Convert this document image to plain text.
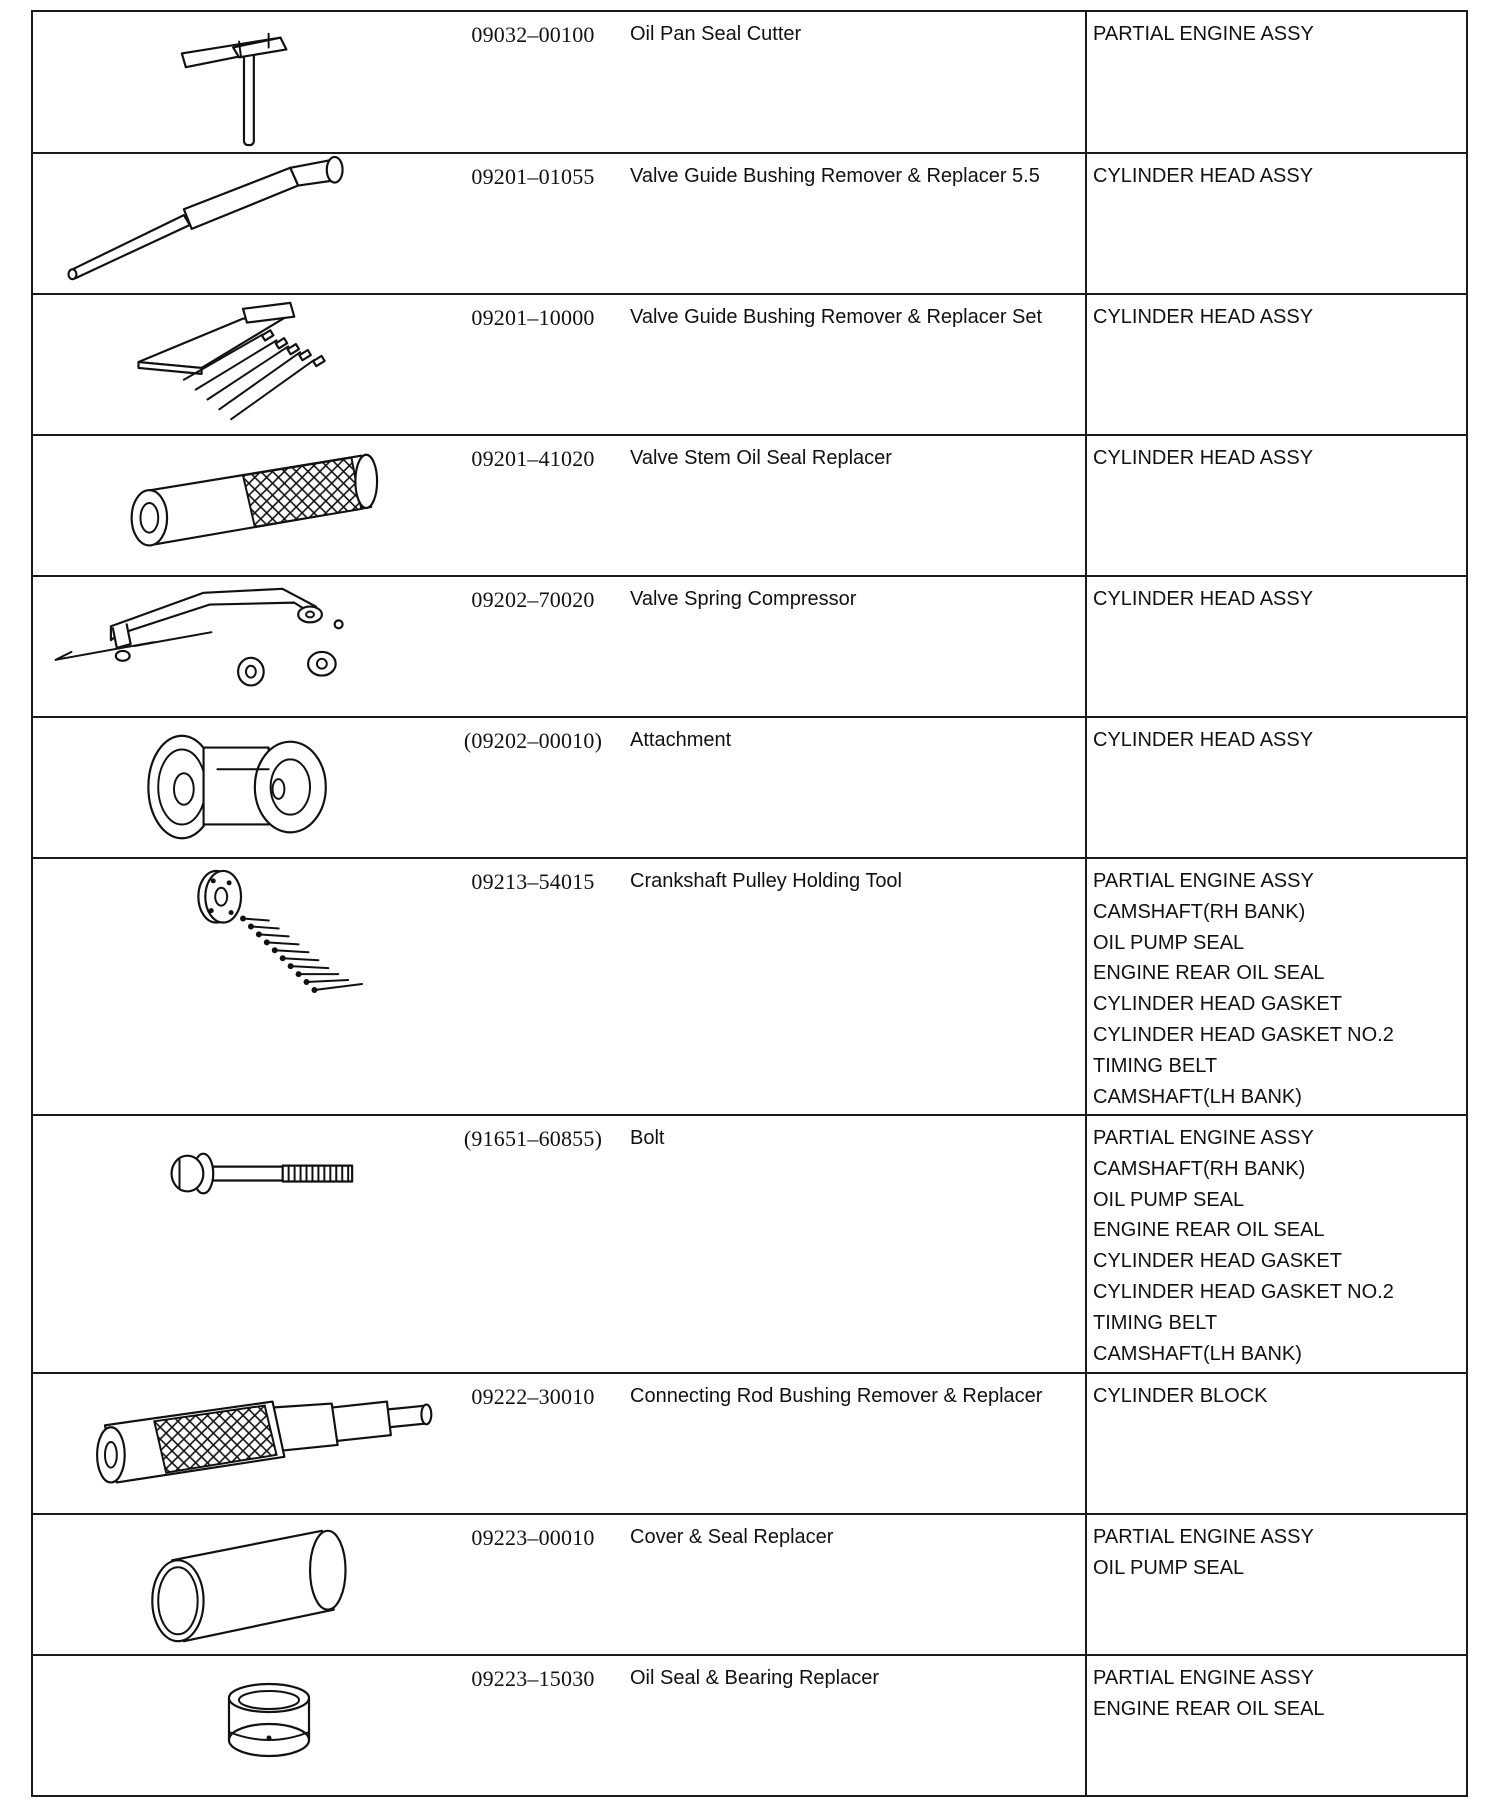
09032–00100	Oil Pan Seal Cutter	PARTIAL ENGINE ASSY
09201–01055	Valve Guide Bushing Remover & Replacer 5.5	CYLINDER HEAD ASSY
09201–10000	Valve Guide Bushing Remover & Replacer Set	CYLINDER HEAD ASSY
09201–41020	Valve Stem Oil Seal Replacer	CYLINDER HEAD ASSY
09202–70020	Valve Spring Compressor	CYLINDER HEAD ASSY
(09202–00010)	Attachment	CYLINDER HEAD ASSY
09213–54015	Crankshaft Pulley Holding Tool	PARTIAL ENGINE ASSY
CAMSHAFT(RH BANK)
OIL PUMP SEAL
ENGINE REAR OIL SEAL
CYLINDER HEAD GASKET
CYLINDER HEAD GASKET NO.2
TIMING BELT
CAMSHAFT(LH BANK)
(91651–60855)	Bolt	PARTIAL ENGINE ASSY
CAMSHAFT(RH BANK)
OIL PUMP SEAL
ENGINE REAR OIL SEAL
CYLINDER HEAD GASKET
CYLINDER HEAD GASKET NO.2
TIMING BELT
CAMSHAFT(LH BANK)
09222–30010	Connecting Rod Bushing Remover & Replacer	CYLINDER BLOCK
09223–00010	Cover & Seal Replacer	PARTIAL ENGINE ASSY
OIL PUMP SEAL
09223–15030	Oil Seal & Bearing Replacer	PARTIAL ENGINE ASSY
ENGINE REAR OIL SEAL
